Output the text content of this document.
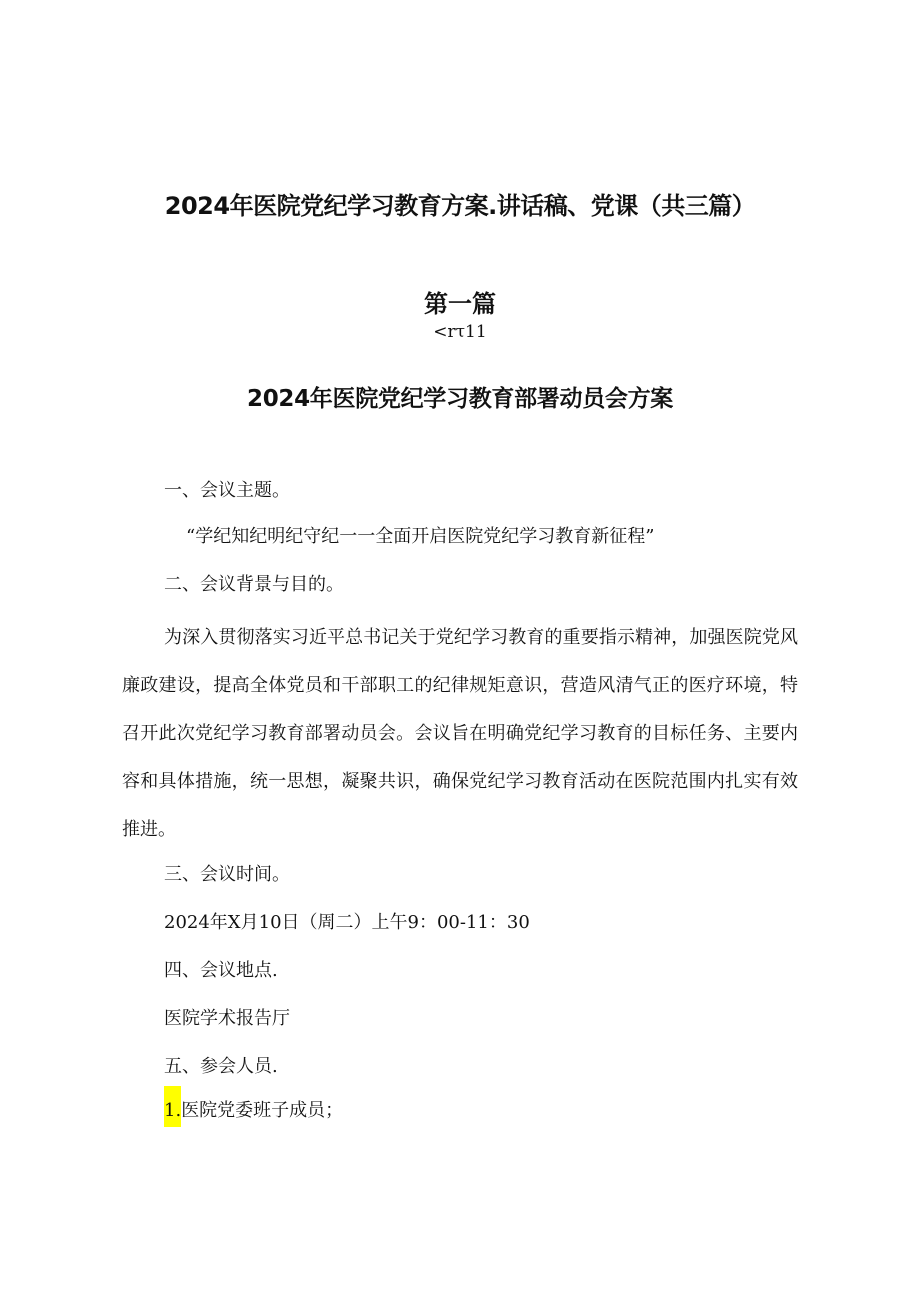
2024年医院党纪学习教育方案.讲话稿、党课（共三篇）
第一篇
<rτ11
2024年医院党纪学习教育部署动员会方案
一、会议主题。
“学纪知纪明纪守纪一一全面开启医院党纪学习教育新征程”
二、会议背景与目的。
为深入贯彻落实习近平总书记关于党纪学习教育的重要指示精神，加强医院党风廉政建设，提高全体党员和干部职工的纪律规矩意识，营造风清气正的医疗环境，特召开此次党纪学习教育部署动员会。会议旨在明确党纪学习教育的目标任务、主要内容和具体措施，统一思想，凝聚共识，确保党纪学习教育活动在医院范围内扎实有效推进。
三、会议时间。
2024年X月10日（周二）上午9：00-11：30
四、会议地点.
医院学术报告厅
五、参会人员.
1.医院党委班子成员；
